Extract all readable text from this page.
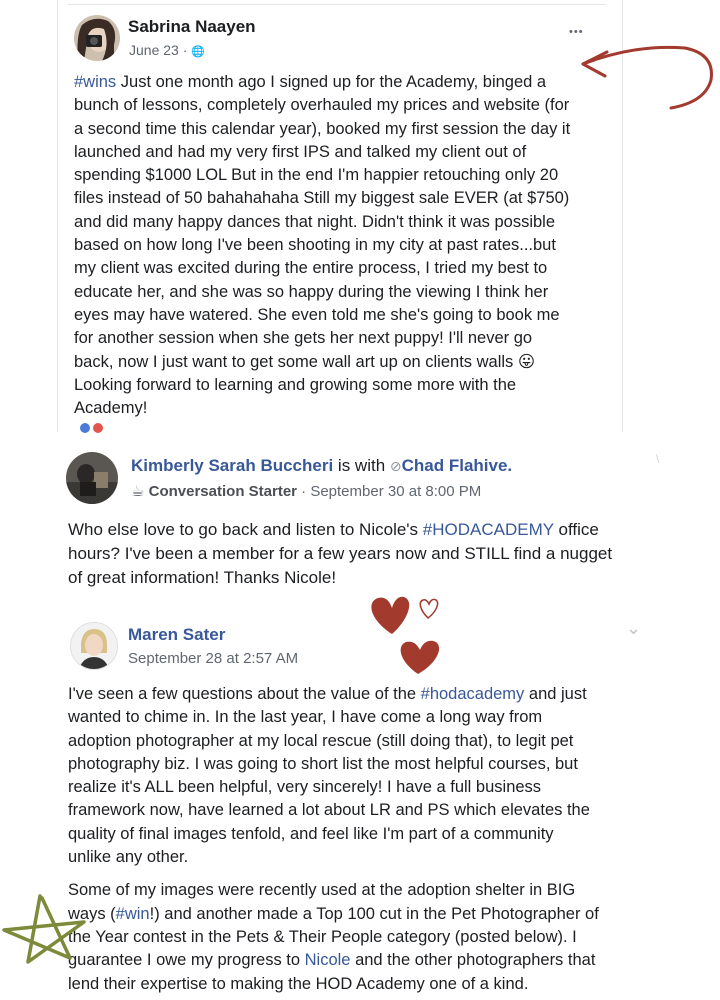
Sabrina Naayen
June 23 · 🌐
•••
#wins Just one month ago I signed up for the Academy, binged a
bunch of lessons, completely overhauled my prices and website (for
a second time this calendar year), booked my first session the day it
launched and had my very first IPS and talked my client out of
spending $1000 LOL But in the end I'm happier retouching only 20
files instead of 50 bahahahaha Still my biggest sale EVER (at $750)
and did many happy dances that night. Didn't think it was possible
based on how long I've been shooting in my city at past rates...but
my client was excited during the entire process, I tried my best to
educate her, and she was so happy during the viewing I think her
eyes may have watered. She even told me she's going to book me
for another session when she gets her next puppy! I'll never go
back, now I just want to get some wall art up on clients walls 😛
Looking forward to learning and growing some more with the
Academy!
Kimberly Sarah Buccheri is with ⊘Chad Flahive.
☕ Conversation Starter · September 30 at 8:00 PM
\
Who else love to go back and listen to Nicole's #HODACADEMY office
hours? I've been a member for a few years now and STILL find a nugget
of great information! Thanks Nicole!
Maren Sater
September 28 at 2:57 AM
⌄
I've seen a few questions about the value of the #hodacademy and just
wanted to chime in. In the last year, I have come a long way from
adoption photographer at my local rescue (still doing that), to legit pet
photography biz. I was going to short list the most helpful courses, but
realize it's ALL been helpful, very sincerely! I have a full business
framework now, have learned a lot about LR and PS which elevates the
quality of final images tenfold, and feel like I'm part of a community
unlike any other.
Some of my images were recently used at the adoption shelter in BIG
ways (#win!) and another made a Top 100 cut in the Pet Photographer of
the Year contest in the Pets & Their People category (posted below). I
guarantee I owe my progress to Nicole and the other photographers that
lend their expertise to making the HOD Academy one of a kind.
